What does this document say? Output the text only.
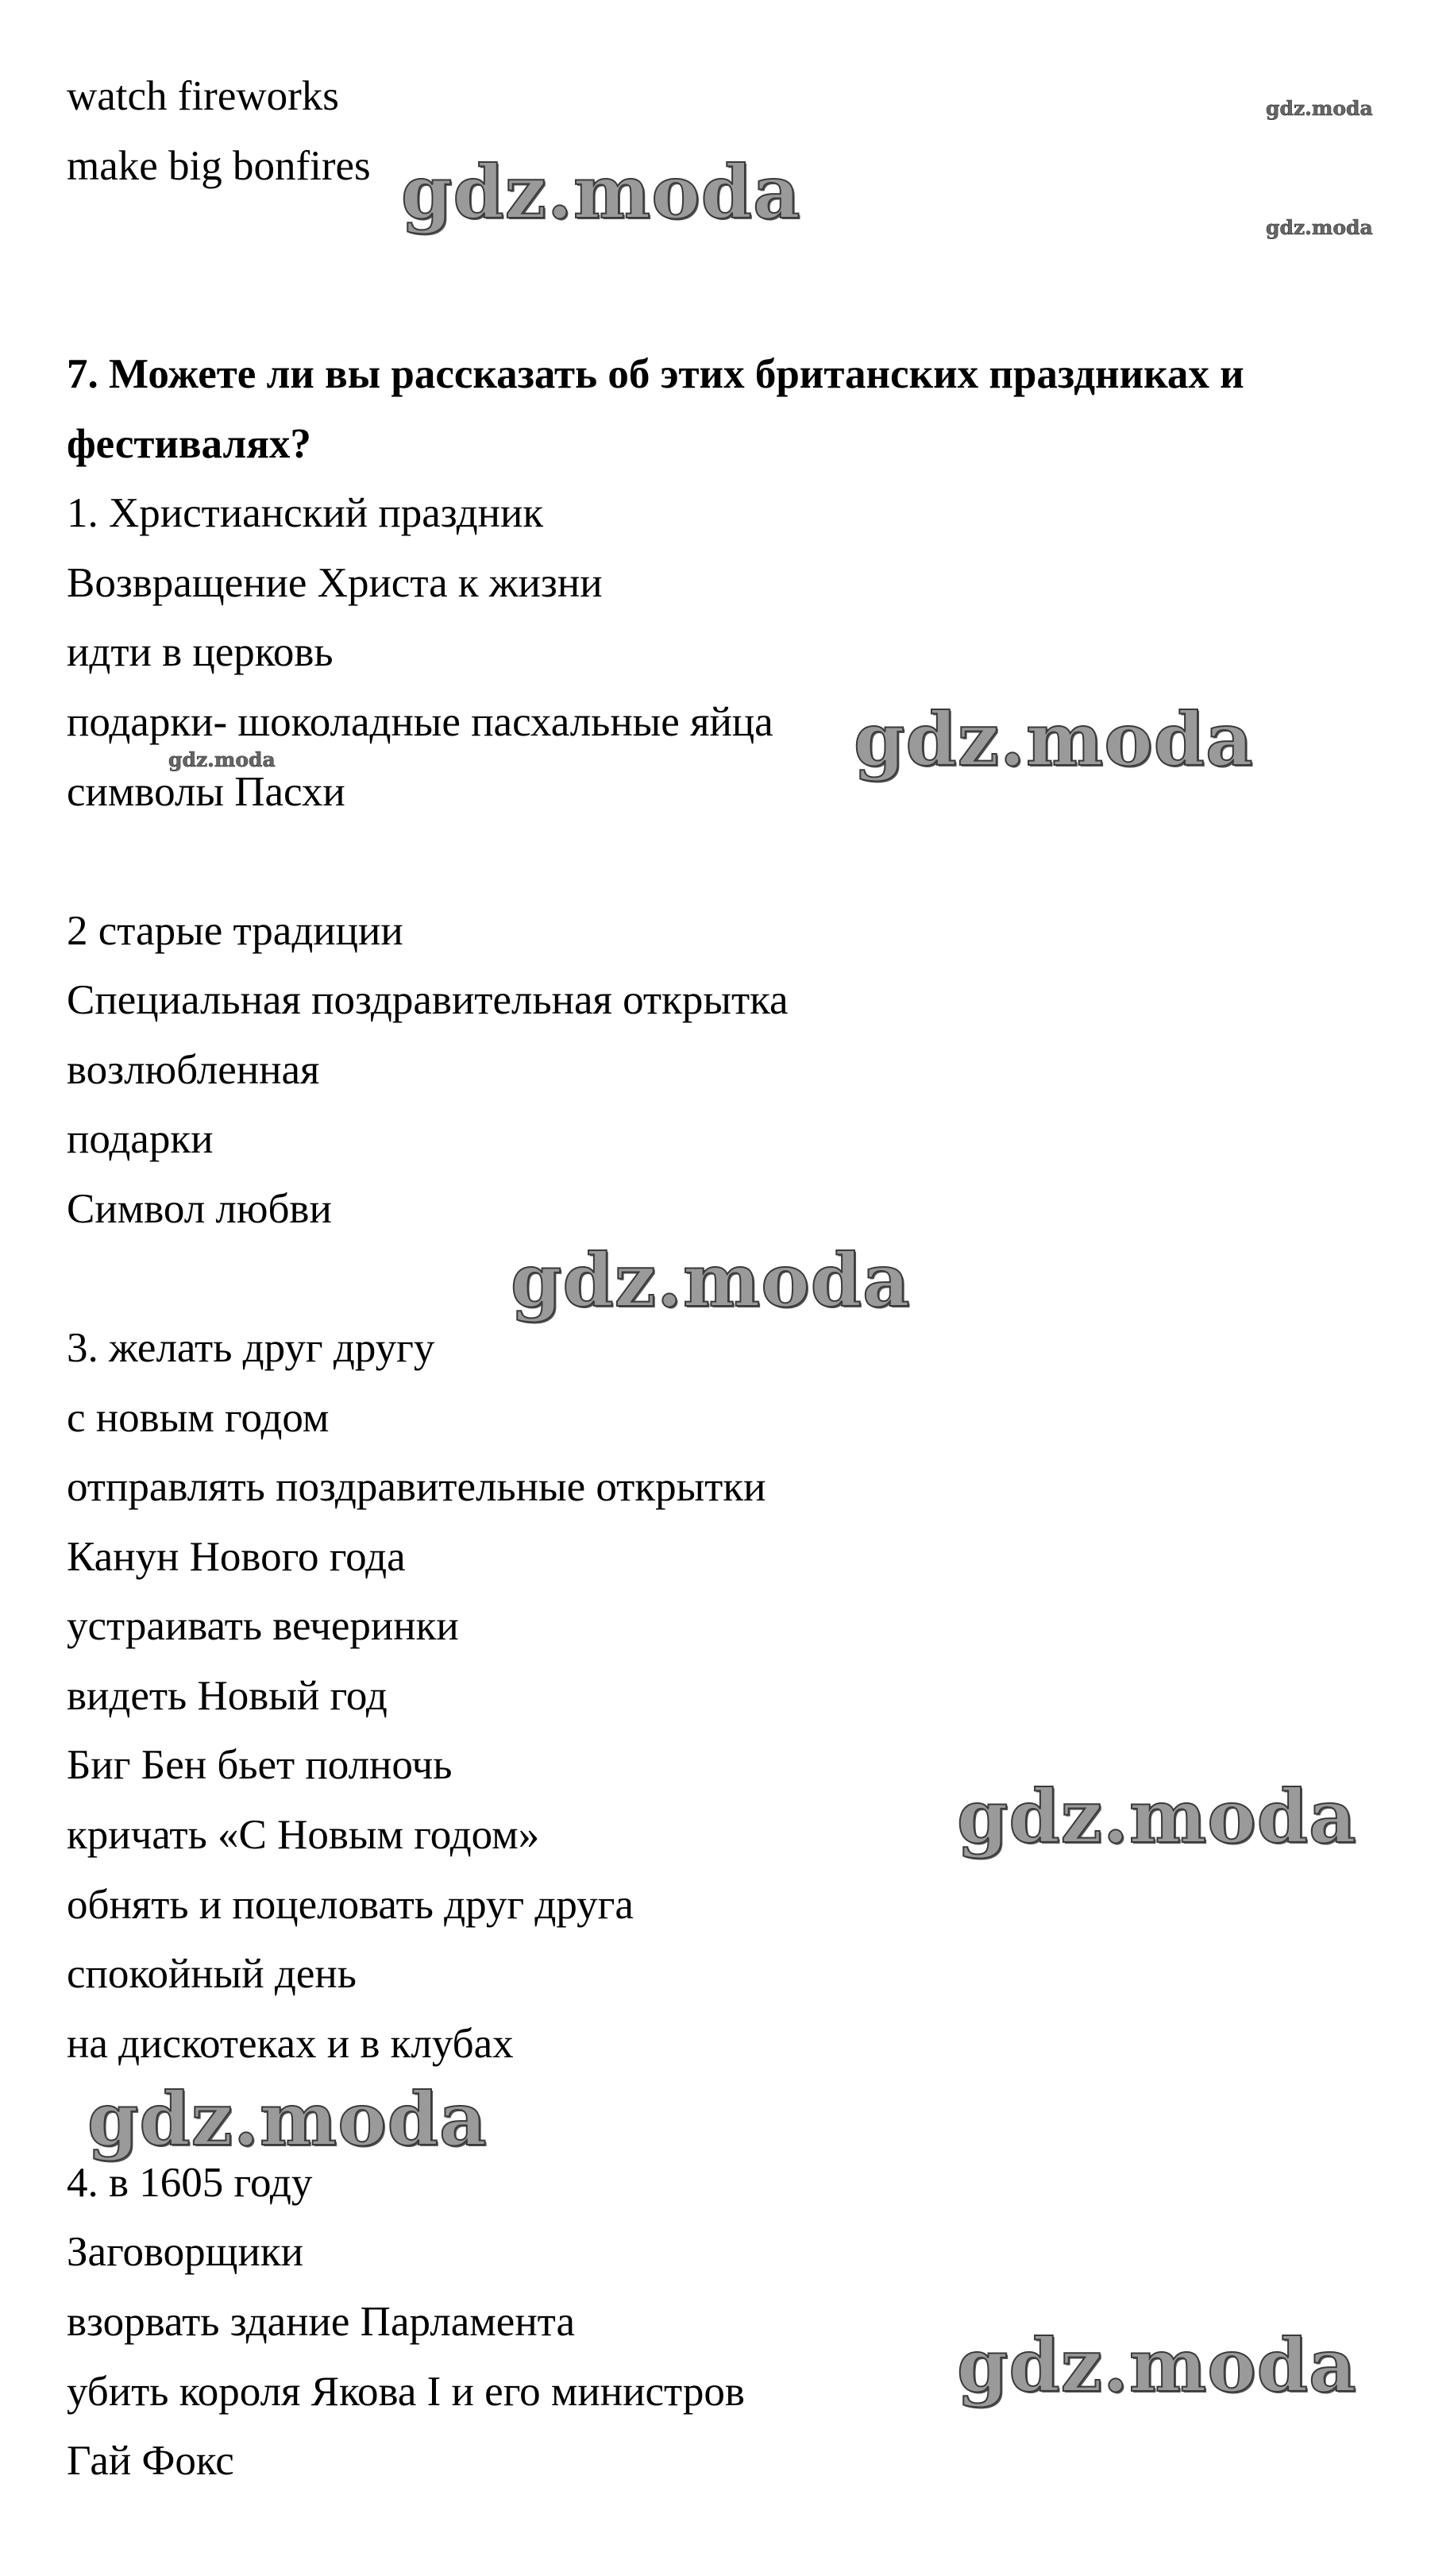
watch fireworks
make big bonfires
7. Можете ли вы рассказать об этих британских праздниках и
фестивалях?
1. Христианский праздник
Возвращение Христа к жизни
идти в церковь
подарки- шоколадные пасхальные яйца
символы Пасхи
2 старые традиции
Специальная поздравительная открытка
возлюбленная
подарки
Символ любви
3. желать друг другу
с новым годом
отправлять поздравительные открытки
Канун Нового года
устраивать вечеринки
видеть Новый год
Биг Бен бьет полночь
кричать «С Новым годом»
обнять и поцеловать друг друга
спокойный день
на дискотеках и в клубах
4. в 1605 году
Заговорщики
взорвать здание Парламента
убить короля Якова I и его министров
Гай Фокс
gdz.moda
gdz.moda	gdz.moda
gdz.moda
gdz.moda
gdz.moda
gdz.moda
gdz.moda
gdz.moda
